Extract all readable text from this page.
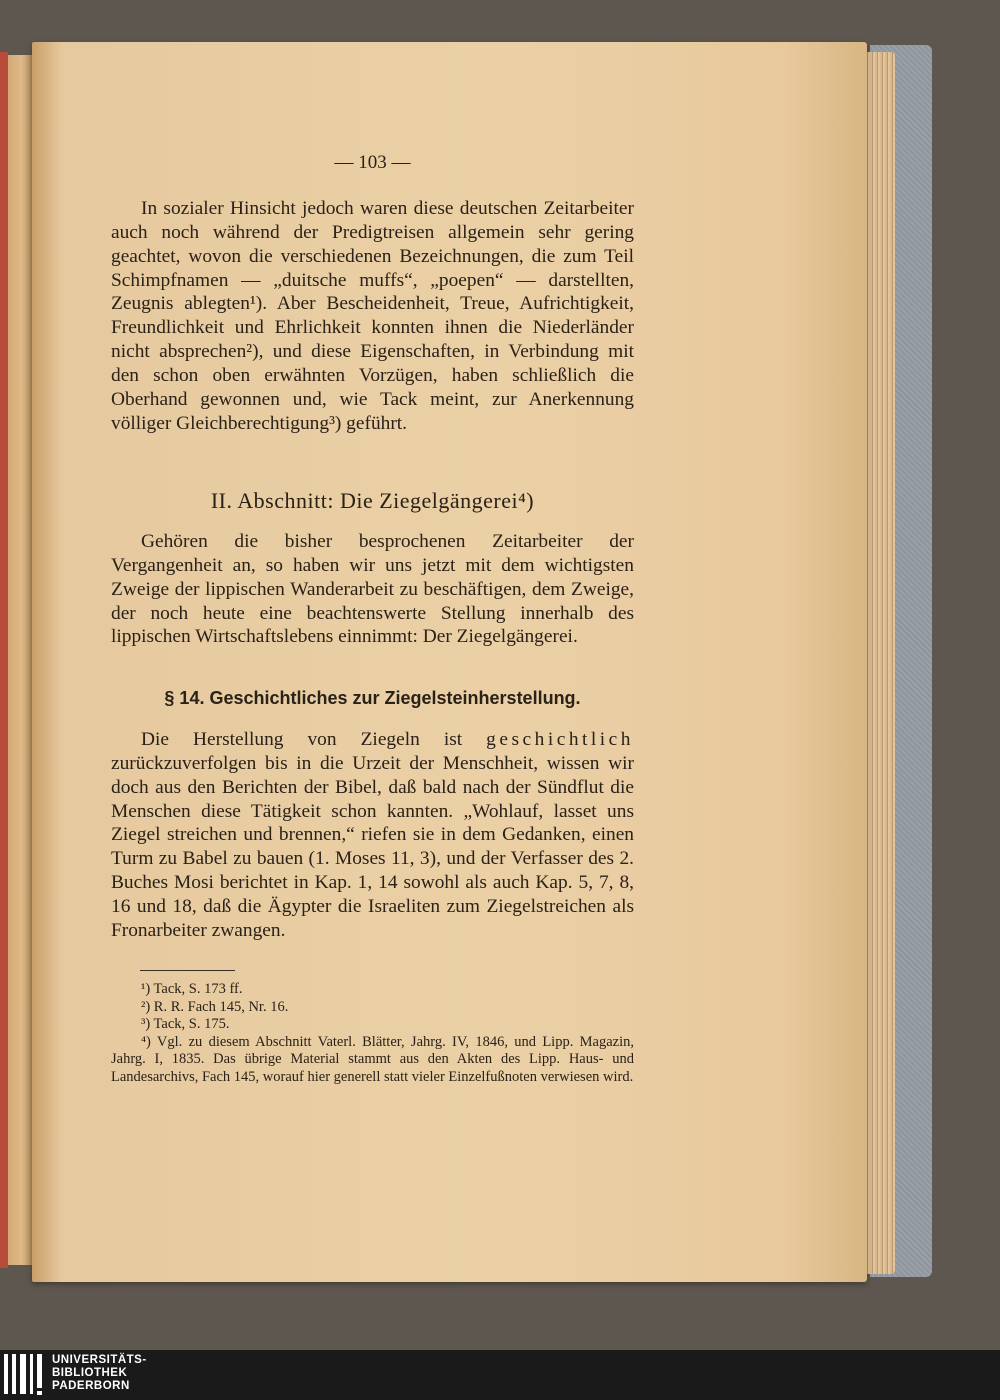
— 103 —

In sozialer Hinsicht jedoch waren diese deutschen Zeitarbeiter auch noch während der Predigtreisen allgemein sehr gering geachtet, wovon die verschiedenen Bezeichnungen, die zum Teil Schimpfnamen — „duitsche muffs“, „poepen“ — darstellten, Zeugnis ablegten¹). Aber Bescheidenheit, Treue, Aufrichtigkeit, Freundlichkeit und Ehrlichkeit konnten ihnen die Niederländer nicht absprechen²), und diese Eigenschaften, in Verbindung mit den schon oben erwähnten Vorzügen, haben schließlich die Oberhand gewonnen und, wie Tack meint, zur Anerkennung völliger Gleichberechtigung³) geführt.

II. Abschnitt: Die Ziegelgängerei⁴)

Gehören die bisher besprochenen Zeitarbeiter der Vergangenheit an, so haben wir uns jetzt mit dem wichtigsten Zweige der lippischen Wanderarbeit zu beschäftigen, dem Zweige, der noch heute eine beachtenswerte Stellung innerhalb des lippischen Wirtschaftslebens einnimmt: Der Ziegelgängerei.

§ 14. Geschichtliches zur Ziegelsteinherstellung.

Die Herstellung von Ziegeln ist geschichtlich zurückzuverfolgen bis in die Urzeit der Menschheit, wissen wir doch aus den Berichten der Bibel, daß bald nach der Sündflut die Menschen diese Tätigkeit schon kannten. „Wohlauf, lasset uns Ziegel streichen und brennen,“ riefen sie in dem Gedanken, einen Turm zu Babel zu bauen (1. Moses 11, 3), und der Verfasser des 2. Buches Mosi berichtet in Kap. 1, 14 sowohl als auch Kap. 5, 7, 8, 16 und 18, daß die Ägypter die Israeliten zum Ziegelstreichen als Fronarbeiter zwangen.

¹) Tack, S. 173 ff.

²) R. R. Fach 145, Nr. 16.

³) Tack, S. 175.

⁴) Vgl. zu diesem Abschnitt Vaterl. Blätter, Jahrg. IV, 1846, und Lipp. Magazin, Jahrg. I, 1835. Das übrige Material stammt aus den Akten des Lipp. Haus- und Landesarchivs, Fach 145, worauf hier generell statt vieler Einzelfußnoten verwiesen wird.

UNIVERSITÄTS-
BIBLIOTHEK
PADERBORN
